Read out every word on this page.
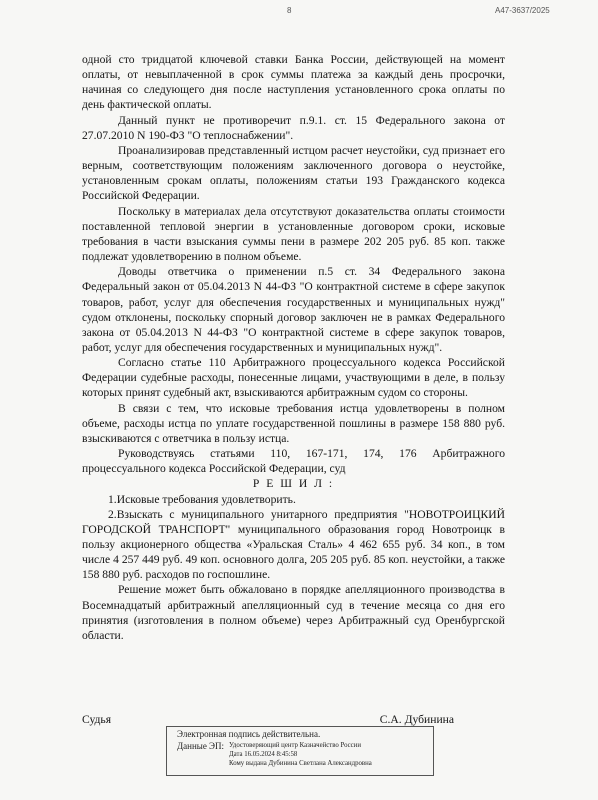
8	А47-3637/2025

одной сто тридцатой ключевой ставки Банка России, действующей на момент оплаты, от невыплаченной в срок суммы платежа за каждый день просрочки, начиная со следующего дня после наступления установленного срока оплаты по день фактической оплаты.

Данный пункт не противоречит п.9.1. ст. 15 Федерального закона от 27.07.2010 N 190-ФЗ "О теплоснабжении".

Проанализировав представленный истцом расчет неустойки, суд признает его верным, соответствующим положениям заключенного договора о неустойке, установленным срокам оплаты, положениям статьи 193 Гражданского кодекса Российской Федерации.

Поскольку в материалах дела отсутствуют доказательства оплаты стоимости поставленной тепловой энергии в установленные договором сроки, исковые требования в части взыскания суммы пени в размере 202 205 руб. 85 коп. также подлежат удовлетворению в полном объеме.

Доводы ответчика о применении п.5 ст. 34 Федерального закона Федеральный закон от 05.04.2013 N 44-ФЗ "О контрактной системе в сфере закупок товаров, работ, услуг для обеспечения государственных и муниципальных нужд" судом отклонены, поскольку спорный договор заключен не в рамках Федерального закона от 05.04.2013 N 44-ФЗ "О контрактной системе в сфере закупок товаров, работ, услуг для обеспечения государственных и муниципальных нужд".

Согласно статье 110 Арбитражного процессуального кодекса Российской Федерации судебные расходы, понесенные лицами, участвующими в деле, в пользу которых принят судебный акт, взыскиваются арбитражным судом со стороны.

В связи с тем, что исковые требования истца удовлетворены в полном объеме, расходы истца по уплате государственной пошлины в размере 158 880 руб. взыскиваются с ответчика в пользу истца.

Руководствуясь статьями 110, 167-171, 174, 176 Арбитражного процессуального кодекса Российской Федерации, суд

Р Е Ш И Л :

1.Исковые требования удовлетворить.

2.Взыскать с муниципального унитарного предприятия "НОВОТРОИЦКИЙ ГОРОДСКОЙ ТРАНСПОРТ" муниципального образования город Новотроицк в пользу акционерного общества «Уральская Сталь» 4 462 655 руб. 34 коп., в том числе 4 257 449 руб. 49 коп. основного долга, 205 205 руб. 85 коп. неустойки, а также 158 880 руб. расходов по госпошлине.

Решение может быть обжаловано в порядке апелляционного производства в Восемнадцатый арбитражный апелляционный суд в течение месяца со дня его принятия (изготовления в полном объеме) через Арбитражный суд Оренбургской области.

Судья	С.А. Дубинина
Электронная подпись действительна.
Данные ЭП: Удостоверяющий центр Казначейство России
Дата 16.05.2024 8:45:58
Кому выдана Дубинина Светлана Александровна
